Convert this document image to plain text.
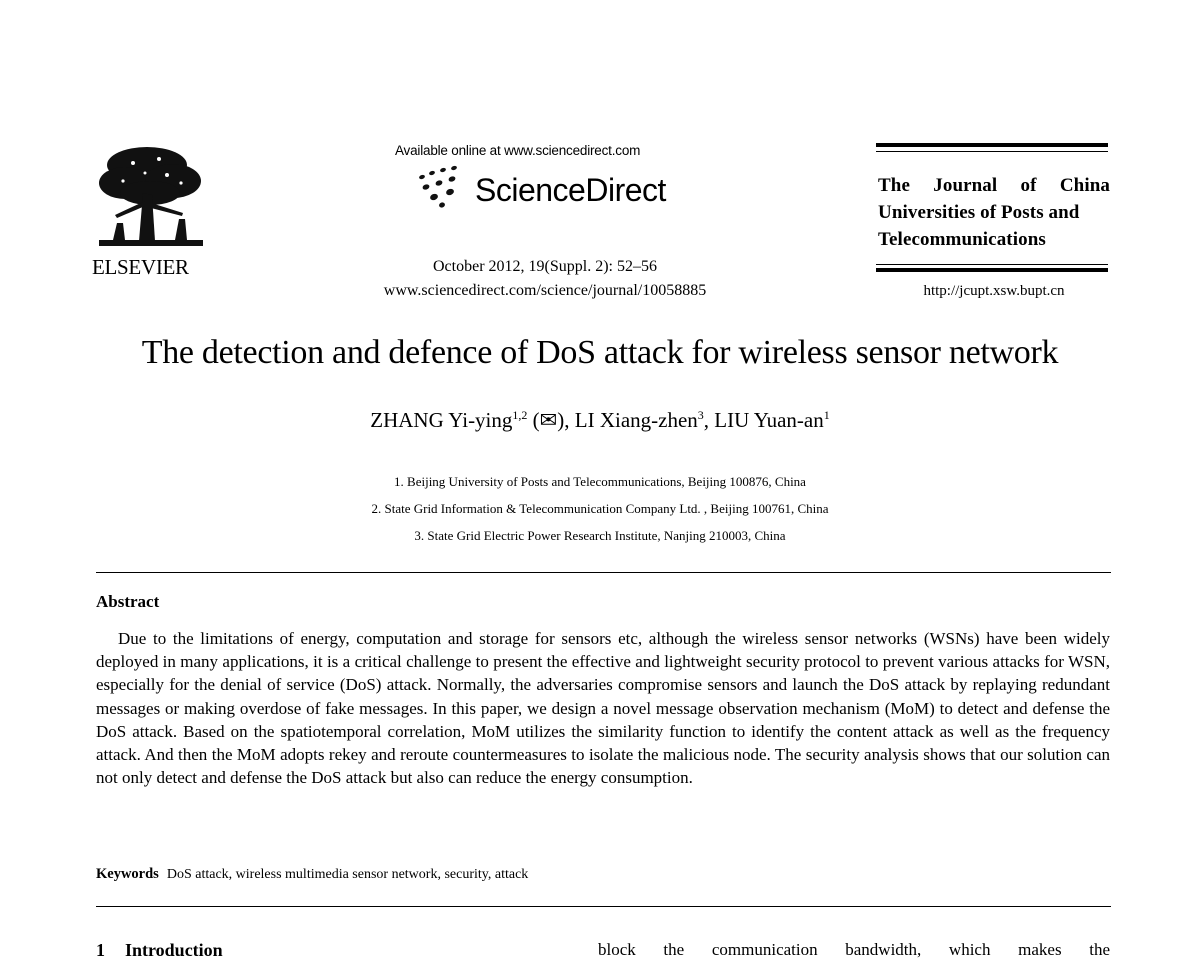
ELSEVIER
Available online at www.sciencedirect.com
ScienceDirect
October 2012, 19(Suppl. 2): 52–56
www.sciencedirect.com/science/journal/10058885
The Journal of China
Universities of Posts and
Telecommunications
http://jcupt.xsw.bupt.cn
The detection and defence of DoS attack for wireless sensor network
ZHANG Yi-ying$^{1,2}$ (✉), LI Xiang-zhen$^3$, LIU Yuan-$an^1$
1. Beijing University of Posts and Telecommunications, Beijing 100876, China
2. State Grid Information & Telecommunication Company Ltd. , Beijing 100761, China
3. State Grid Electric Power Research Institute, Nanjing 210003, China
Abstract
Due to the limitations of energy, computation and storage for sensors etc, although the wireless sensor networks (WSNs) have been widely deployed in many applications, it is a critical challenge to present the effective and lightweight security protocol to prevent various attacks for WSN, especially for the denial of service (DoS) attack. Normally, the adversaries compromise sensors and launch the DoS attack by replaying redundant messages or making overdose of fake messages. In this paper, we design a novel message observation mechanism (MoM) to detect and defense the DoS attack. Based on the spatiotemporal correlation, MoM utilizes the similarity function to identify the content attack as well as the frequency attack. And then the MoM adopts rekey and reroute countermeasures to isolate the malicious node. The security analysis shows that our solution can not only detect and defense the DoS attack but also can reduce the energy consumption.
Keywords DoS attack, wireless multimedia sensor network, security, attack
1 Introduction	block the communication bandwidth, which makes the
